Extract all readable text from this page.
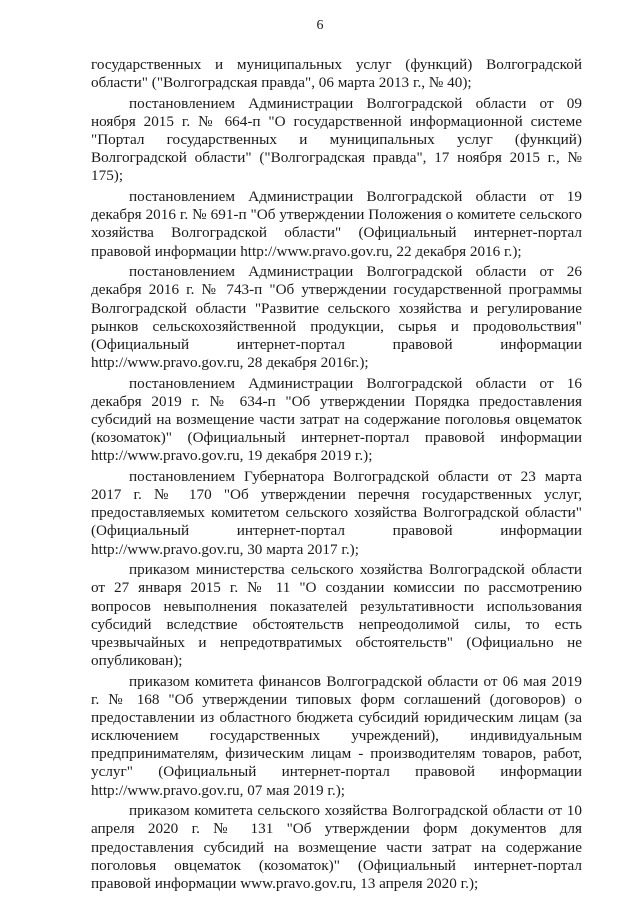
6

государственных и муниципальных услуг (функций) Волгоградской области" ("Волгоградская правда", 06 марта 2013 г., № 40);

постановлением Администрации Волгоградской области от 09 ноября 2015 г. № 664-п "О государственной информационной системе "Портал государственных и муниципальных услуг (функций) Волгоградской области" ("Волгоградская правда", 17 ноября 2015 г., № 175);

постановлением Администрации Волгоградской области от 19 декабря 2016 г. № 691-п "Об утверждении Положения о комитете сельского хозяйства Волгоградской области" (Официальный интернет-портал правовой информации http://www.pravo.gov.ru, 22 декабря 2016 г.);

постановлением Администрации Волгоградской области от 26 декабря 2016 г. № 743-п "Об утверждении государственной программы Волгоградской области "Развитие сельского хозяйства и регулирование рынков сельскохозяйственной продукции, сырья и продовольствия" (Официальный интернет-портал правовой информации http://www.pravo.gov.ru, 28 декабря 2016г.);

постановлением Администрации Волгоградской области от 16 декабря 2019 г. № 634-п "Об утверждении Порядка предоставления субсидий на возмещение части затрат на содержание поголовья овцематок (козоматок)" (Официальный интернет-портал правовой информации http://www.pravo.gov.ru, 19 декабря 2019 г.);

постановлением Губернатора Волгоградской области от 23 марта 2017 г. № 170 "Об утверждении перечня государственных услуг, предоставляемых комитетом сельского хозяйства Волгоградской области" (Официальный интернет-портал правовой информации http://www.pravo.gov.ru, 30 марта 2017 г.);

приказом министерства сельского хозяйства Волгоградской области от 27 января 2015 г. № 11 "О создании комиссии по рассмотрению вопросов невыполнения показателей результативности использования субсидий вследствие обстоятельств непреодолимой силы, то есть чрезвычайных и непредотвратимых обстоятельств" (Официально не опубликован);

приказом комитета финансов Волгоградской области от 06 мая 2019 г. № 168 "Об утверждении типовых форм соглашений (договоров) о предоставлении из областного бюджета субсидий юридическим лицам (за исключением государственных учреждений), индивидуальным предпринимателям, физическим лицам - производителям товаров, работ, услуг" (Официальный интернет-портал правовой информации http://www.pravo.gov.ru, 07 мая 2019 г.);

приказом комитета сельского хозяйства Волгоградской области от 10 апреля 2020 г. № 131 "Об утверждении форм документов для предоставления субсидий на возмещение части затрат на содержание поголовья овцематок (козоматок)" (Официальный интернет-портал правовой информации www.pravo.gov.ru, 13 апреля 2020 г.);
